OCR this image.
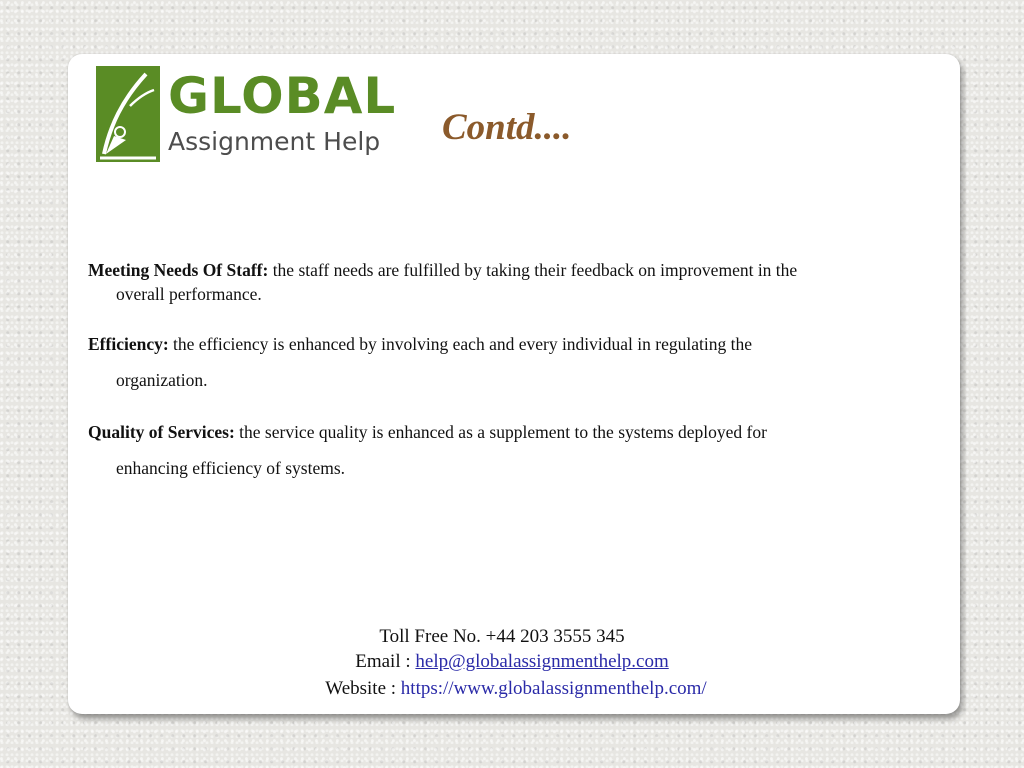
GLOBAL
Assignment Help Contd....
Meeting Needs Of Staff: the staff needs are fulfilled by taking their feedback on improvement in the
overall performance.
Efficiency: the efficiency is enhanced by involving each and every individual in regulating the
organization.
Quality of Services: the service quality is enhanced as a supplement to the systems deployed for
enhancing efficiency of systems.
Toll Free No. +44 203 3555 345
Email : help@globalassignmenthelp.com
Website : https://www.globalassignmenthelp.com/
